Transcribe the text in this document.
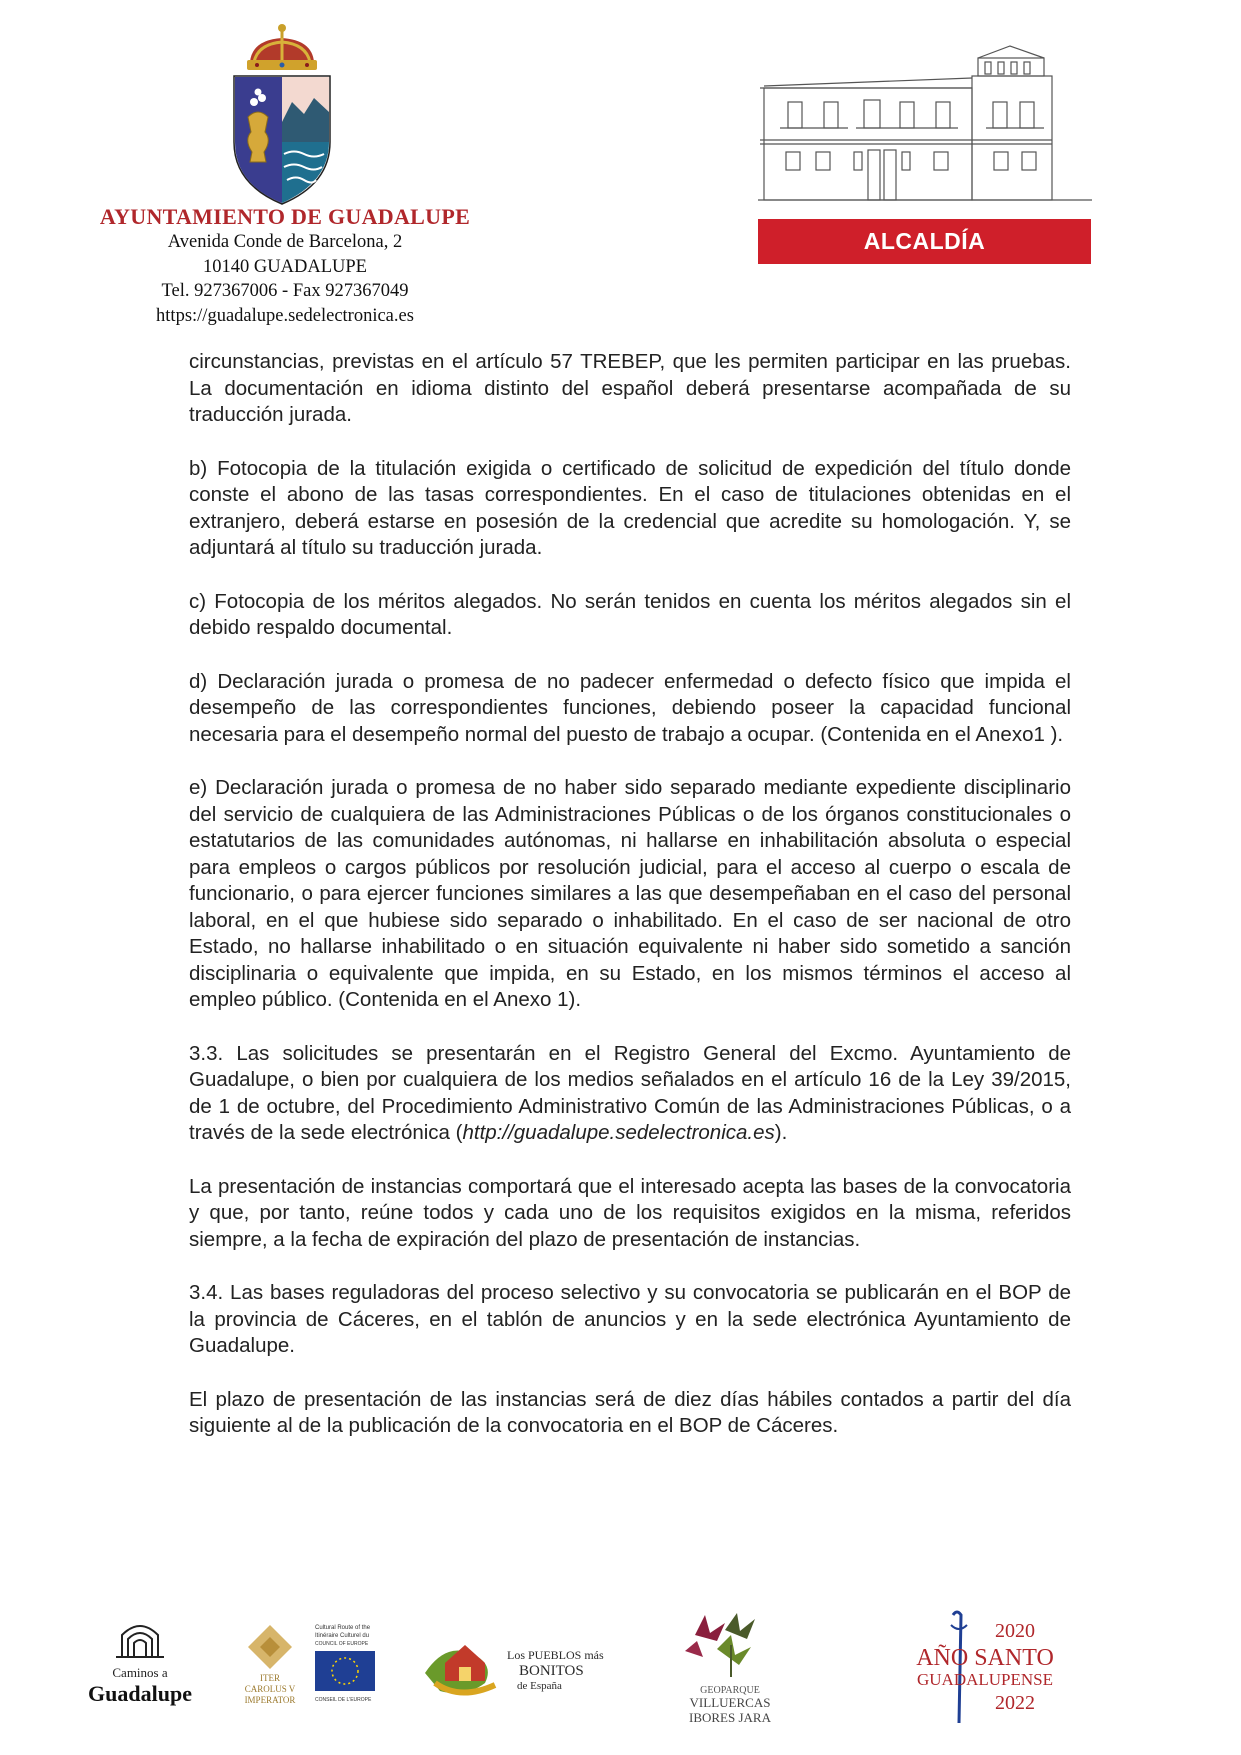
AYUNTAMIENTO DE GUADALUPE
Avenida Conde de Barcelona, 2
10140 GUADALUPE
Tel. 927367006 - Fax 927367049
https://guadalupe.sedelectronica.es
ALCALDÍA

circunstancias, previstas en el artículo 57 TREBEP, que les permiten participar en las pruebas. La documentación en idioma distinto del español deberá presentarse acompañada de su traducción jurada.

b) Fotocopia de la titulación exigida o certificado de solicitud de expedición del título donde conste el abono de las tasas correspondientes. En el caso de titulaciones obtenidas en el extranjero, deberá estarse en posesión de la credencial que acredite su homologación. Y, se adjuntará al título su traducción jurada.

c) Fotocopia de los méritos alegados. No serán tenidos en cuenta los méritos alegados sin el debido respaldo documental.

d) Declaración jurada o promesa de no padecer enfermedad o defecto físico que impida el desempeño de las correspondientes funciones, debiendo poseer la capacidad funcional necesaria para el desempeño normal del puesto de trabajo a ocupar. (Contenida en el Anexo1 ).

e) Declaración jurada o promesa de no haber sido separado mediante expediente disciplinario del servicio de cualquiera de las Administraciones Públicas o de los órganos constitucionales o estatutarios de las comunidades autónomas, ni hallarse en inhabilitación absoluta o especial para empleos o cargos públicos por resolución judicial, para el acceso al cuerpo o escala de funcionario, o para ejercer funciones similares a las que desempeñaban en el caso del personal laboral, en el que hubiese sido separado o inhabilitado. En el caso de ser nacional de otro Estado, no hallarse inhabilitado o en situación equivalente ni haber sido sometido a sanción disciplinaria o equivalente que impida, en su Estado, en los mismos términos el acceso al empleo público. (Contenida en el Anexo 1).

3.3. Las solicitudes se presentarán en el Registro General del Excmo. Ayuntamiento de Guadalupe, o bien por cualquiera de los medios señalados en el artículo 16 de la Ley 39/2015, de 1 de octubre, del Procedimiento Administrativo Común de las Administraciones Públicas, o a través de la sede electrónica (http://guadalupe.sedelectronica.es).

La presentación de instancias comportará que el interesado acepta las bases de la convocatoria y que, por tanto, reúne todos y cada uno de los requisitos exigidos en la misma, referidos siempre, a la fecha de expiración del plazo de presentación de instancias.

3.4. Las bases reguladoras del proceso selectivo y su convocatoria se publicarán en el BOP de la provincia de Cáceres, en el tablón de anuncios y en la sede electrónica Ayuntamiento de Guadalupe.

El plazo de presentación de las instancias será de diez días hábiles contados a partir del día siguiente al de la publicación de la convocatoria en el BOP de Cáceres.

Caminos a
Guadalupe
ITER
CAROLUS V
IMPERATOR
Cultural Route of the
Itinéraire Culturel du
COUNCIL OF EUROPE
CONSEIL DE L'EUROPE
Los PUEBLOS más
BONITOS
de España	GEOPARQUE
VILLUERCAS
IBORES JARA
2020
AÑO SANTO
GUADALUPENSE
2022
